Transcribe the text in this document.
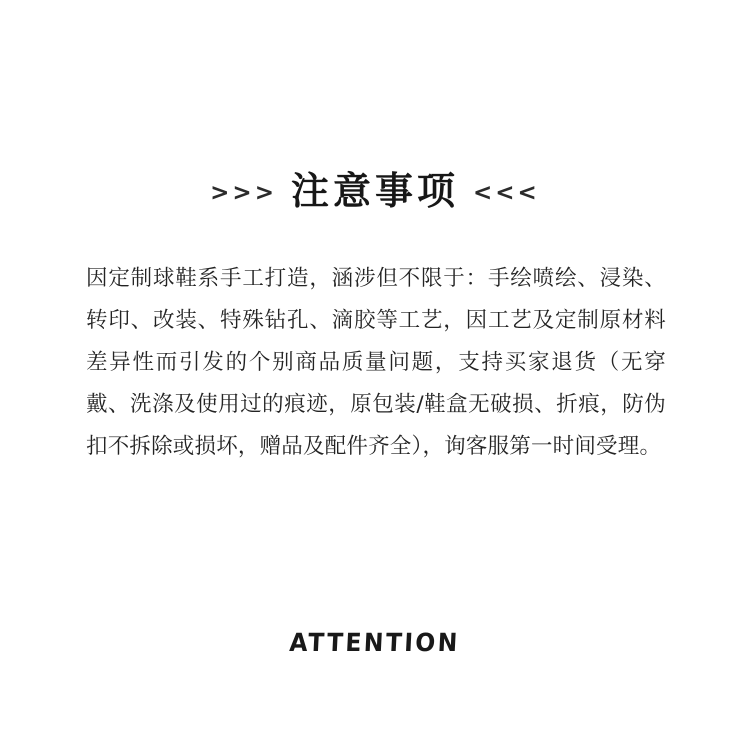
>>> 注意事项 <<<
因定制球鞋系手工打造，涵涉但不限于：手绘喷绘、浸染、转印、改装、特殊钻孔、滴胶等工艺，因工艺及定制原材料差异性而引发的个别商品质量问题，支持买家退货（无穿戴、洗涤及使用过的痕迹，原包装/鞋盒无破损、折痕，防伪扣不拆除或损坏，赠品及配件齐全），询客服第一时间受理。
ATTENTION
